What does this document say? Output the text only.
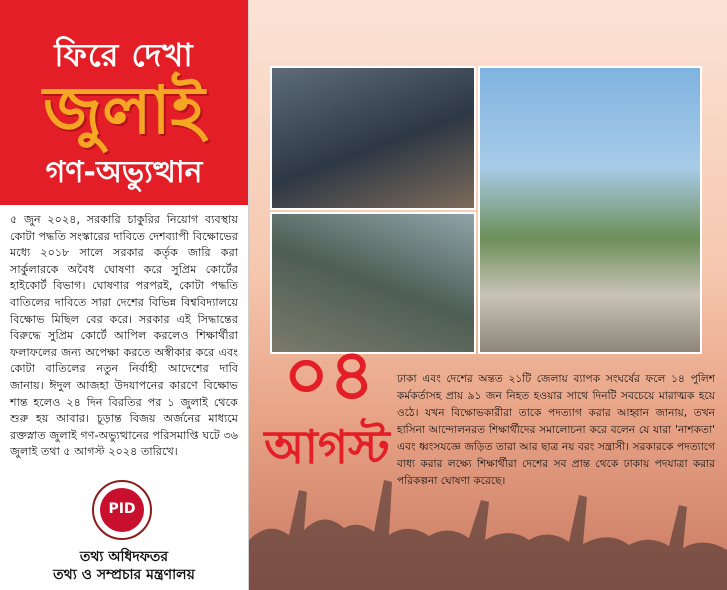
ফিরে দেখা
জুলাই
গণ-অভ্যুত্থান
৫ জুন ২০২৪, সরকারি চাকুরির নিয়োগ ব্যবস্থায় কোটা পদ্ধতি সংস্কারের দাবিতে দেশব্যাপী বিক্ষোভের মধ্যে ২০১৮ সালে সরকার কর্তৃক জারি করা সার্কুলারকে অবৈধ ঘোষণা করে সুপ্রিম কোর্টের হাইকোর্ট বিভাগ। ঘোষণার পরপরই, কোটা পদ্ধতি বাতিলের দাবিতে সারা দেশের বিভিন্ন বিশ্ববিদ্যালয়ে বিক্ষোভ মিছিল বের করে। সরকার এই সিদ্ধান্তের বিরুদ্ধে সুপ্রিম কোর্টে আপিল করলেও শিক্ষার্থীরা ফলাফলের জন্য অপেক্ষা করতে অস্বীকার করে এবং কোটা বাতিলের নতুন নির্বাহী আদেশের দাবি জানায়। ঈদুল আজহা উদযাপনের কারণে বিক্ষোভ শান্ত হলেও ২৪ দিন বিরতির পর ১ জুলাই থেকে শুরু হয় আবার। চূড়ান্ত বিজয় অর্জনের মাধ্যমে রক্তস্নাত জুলাই গণ-অভ্যুত্থানের পরিসমাপ্তি ঘটে ৩৬ জুলাই তথা ৫ আগস্ট ২০২৪ তারিখে।
PID
তথ্য অধিদফতর
তথ্য ও সম্প্রচার মন্ত্রণালয়
০৪
আগস্ট
ঢাকা এবং দেশের অন্তত ২১টি জেলায় ব্যাপক সংঘর্ষের ফলে ১৪ পুলিশ কর্মকর্তাসহ প্রায় ৯১ জন নিহত হওয়ার সাথে দিনটি সবচেয়ে মারাত্মক হয়ে ওঠে। যখন বিক্ষোভকারীরা তাকে পদত্যাগ করার আহ্বান জানায়, তখন হাসিনা আন্দোলনরত শিক্ষার্থীদের সমালোচনা করে বলেন যে যারা 'নাশকতা' এবং ধ্বংসযজ্ঞে জড়িত তারা আর ছাত্র নয় বরং সন্ত্রাসী। সরকারকে পদত্যাগে বাধ্য করার লক্ষ্যে শিক্ষার্থীরা দেশের সব প্রান্ত থেকে ঢাকায় পদযাত্রা করার পরিকল্পনা ঘোষণা করেছে।
